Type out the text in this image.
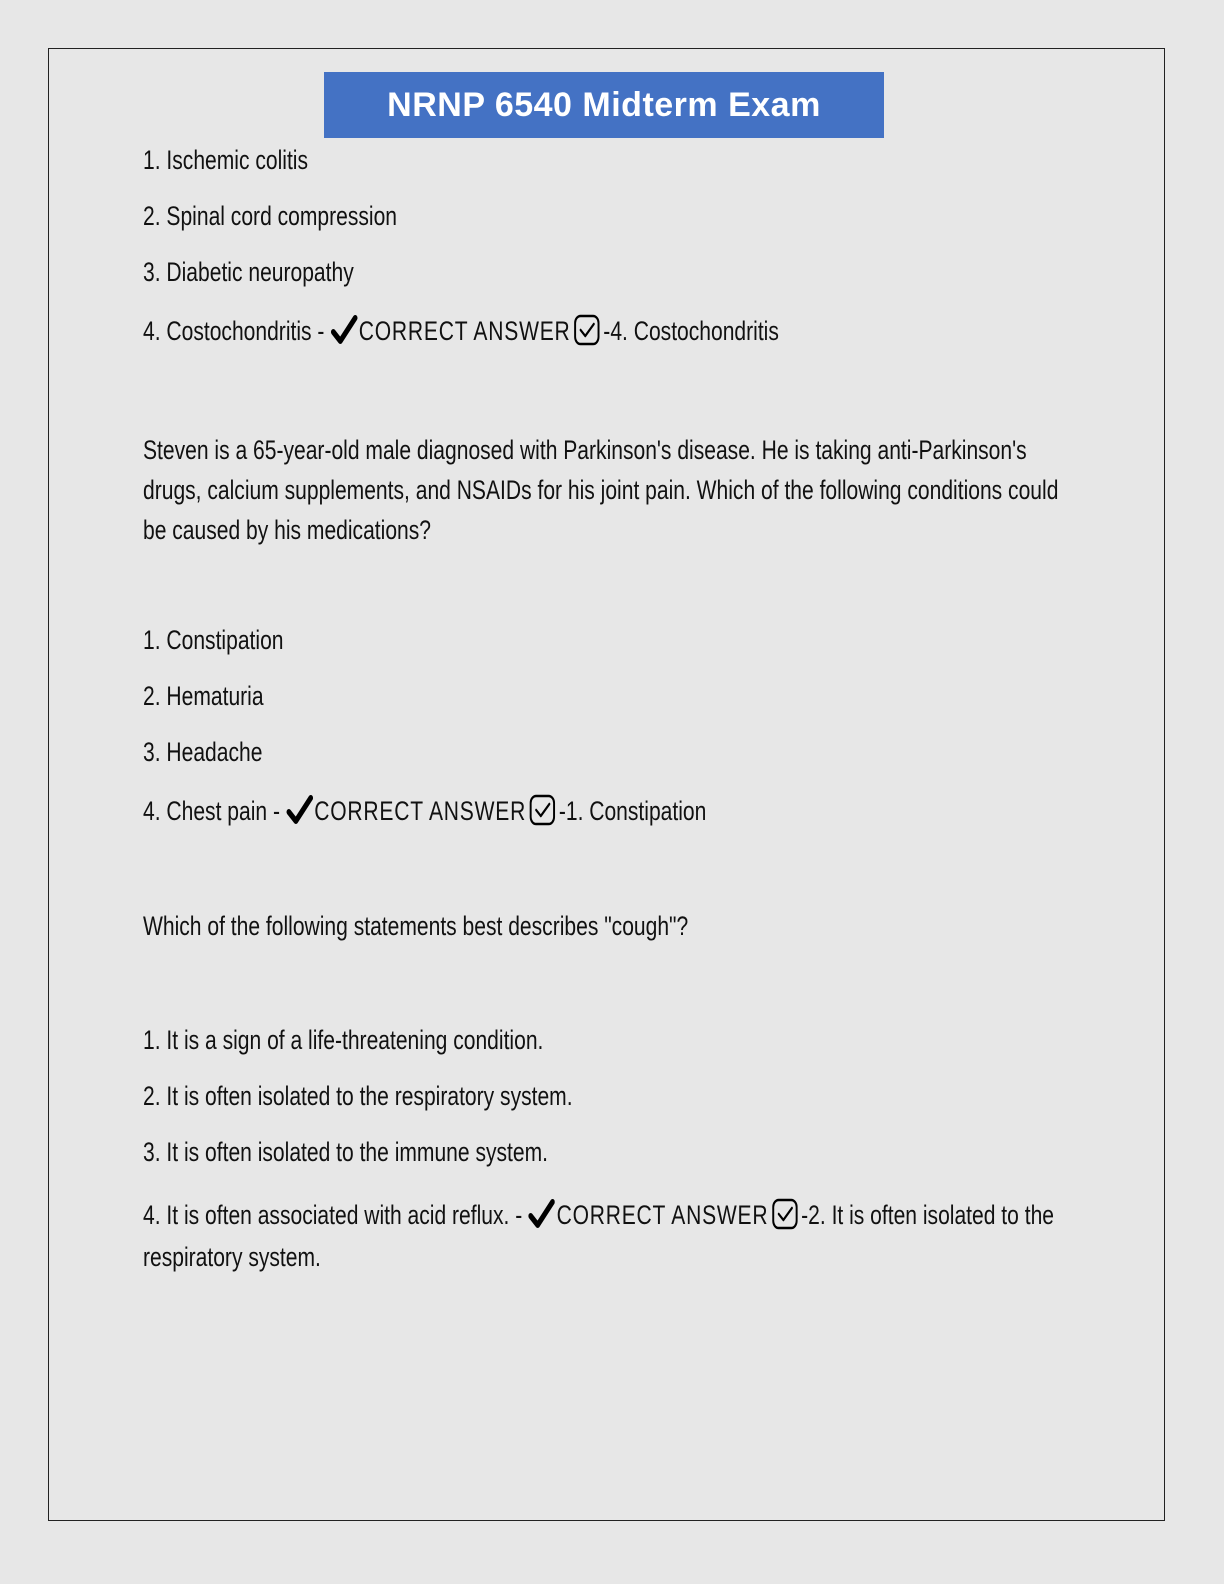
NRNP 6540 Midterm Exam
1. Ischemic colitis
2. Spinal cord compression
3. Diabetic neuropathy
4. Costochondritis - CORRECT ANSWER -4. Costochondritis
Steven is a 65-year-old male diagnosed with Parkinson's disease. He is taking anti-Parkinson's drugs, calcium supplements, and NSAIDs for his joint pain. Which of the following conditions could be caused by his medications?
1. Constipation
2. Hematuria
3. Headache
4. Chest pain - CORRECT ANSWER -1. Constipation
Which of the following statements best describes "cough"?
1. It is a sign of a life-threatening condition.
2. It is often isolated to the respiratory system.
3. It is often isolated to the immune system.
4. It is often associated with acid reflux. - CORRECT ANSWER -2. It is often isolated to the respiratory system.
